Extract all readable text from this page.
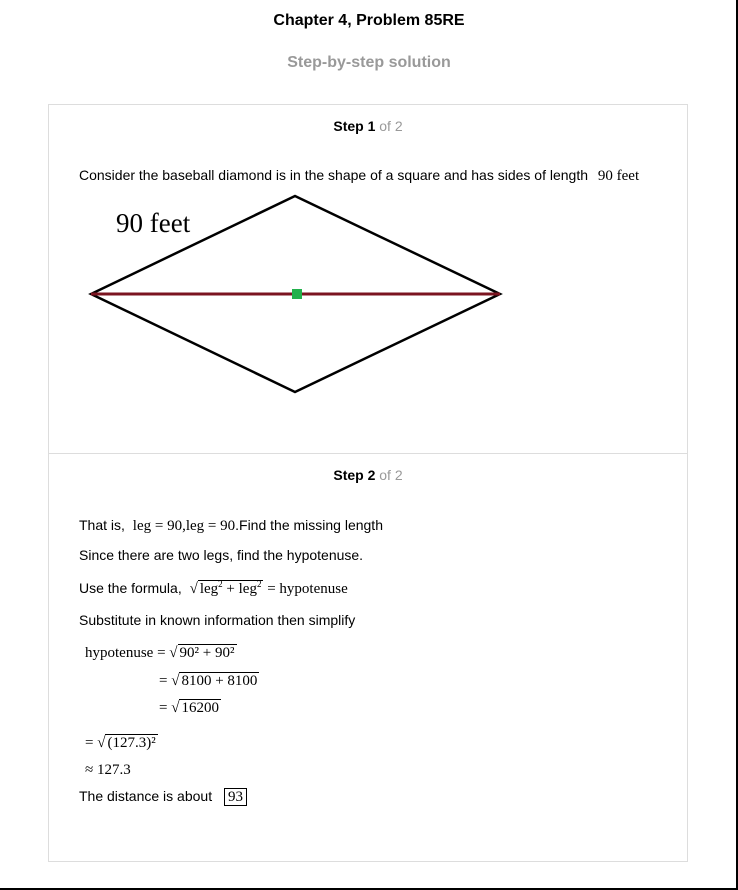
Chapter 4, Problem 85RE
Step-by-step solution
Step 1 of 2
Consider the baseball diamond is in the shape of a square and has sides of length 90 feet
90 feet
Step 2 of 2
That is, leg = 90,leg = 90.Find the missing length
Since there are two legs, find the hypotenuse.
Use the formula, √ leg$^2$ + leg$^2$ = hypotenuse
Substitute in known information then simplify
hypotenuse = √ 90² + 90²
= √ 8100 + 8100
= √ 16200
= √ (127.3)²
≈ 127.3
The distance is about 93
